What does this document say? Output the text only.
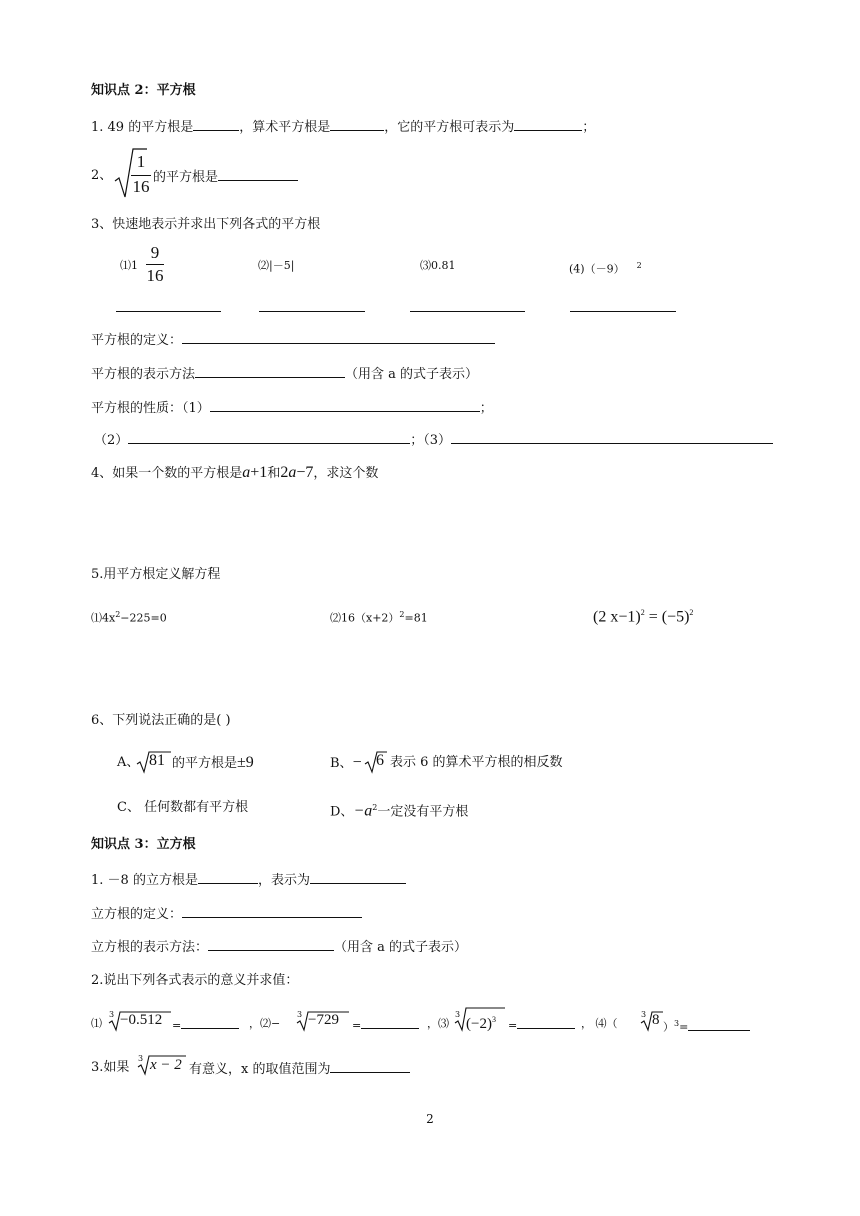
知识点 2：平方根
1. 49 的平方根是	，算术平方根是	，它的平方根可表示为	；
2、
1
16 的平方根是
3、快速地表示并求出下列各式的平方根
⑴1
9
16
⑵|－5|	⑶0.81	(4)（－9） $^2$
平方根的定义：
平方根的表示方法	（用含 a 的式子表示）
平方根的性质：（1）	；
（2）	；（3）
4、如果一个数的平方根是a+1和2a−7，求这个数
5.用平方根定义解方程
$⑴4x^2-225=0$	$⑵16(x+2)^2=81$	(2 $x-1)^2 = (-5)^2$
6、下列说法正确的是( )
A、 81 的平方根是±9	B、− 6 表示 6 的算术平方根的相反数
C、 任何数都有平方根	D、$-a^2$一定没有平方根
知识点 3：立方根
1. －8 的立方根是	，表示为
立方根的定义：
立方根的表示方法：	（用含 a 的式子表示）
2.说出下列各式表示的意义并求值：
⑴
3 −0.512 =	，⑵−
3 −729 =	，⑶
3
$(-2)^3$ =	， ⑷（
3 8 ）$^3$=
3.如果
3 x − 2 有意义，x 的取值范围为
2
